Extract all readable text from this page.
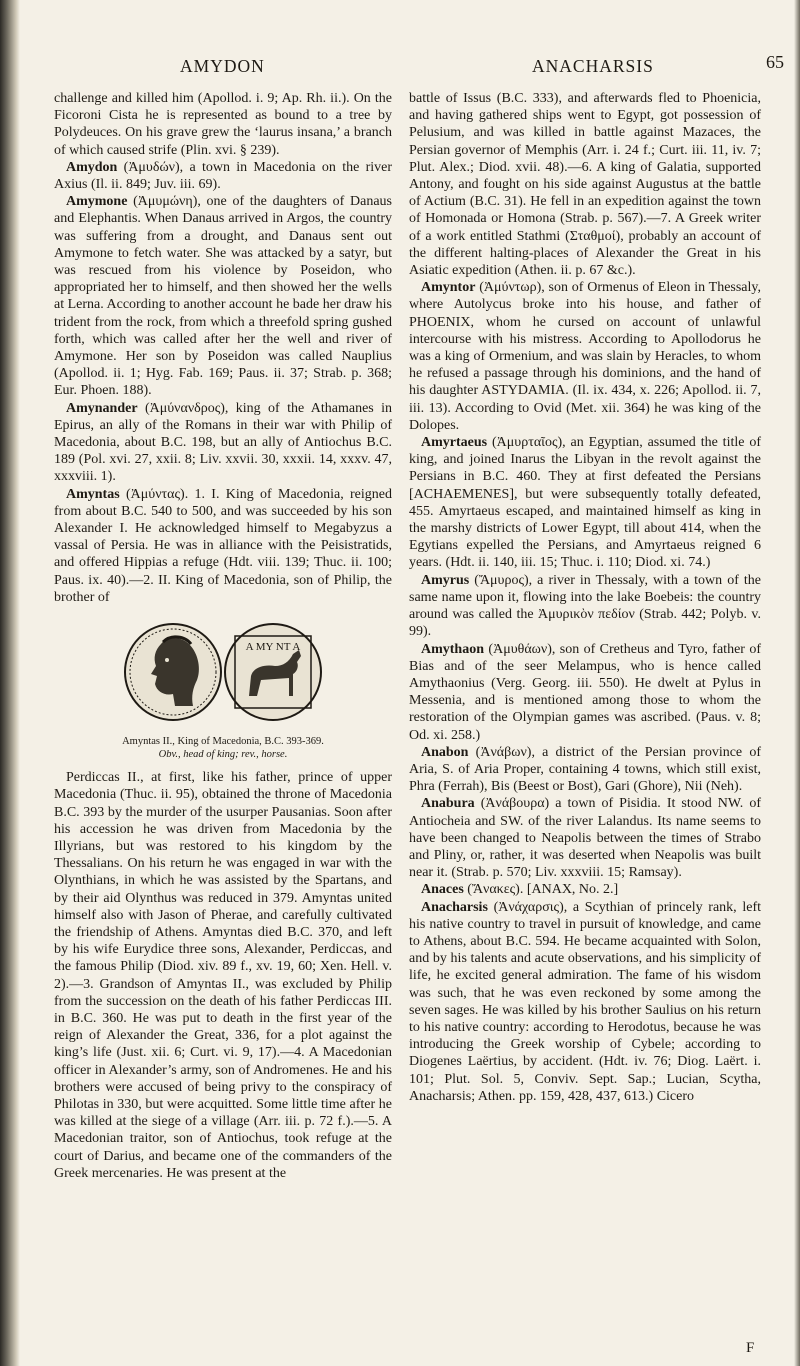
AMYDON	ANACHARSIS	65

challenge and killed him (Apollod. i. 9; Ap. Rh. ii.). On the Ficoroni Cista he is represented as bound to a tree by Polydeuces. On his grave grew the ‘laurus insana,’ a branch of which caused strife (Plin. xvi. § 239).

Amydon (Ἀμυδών), a town in Macedonia on the river Axius (Il. ii. 849; Juv. iii. 69).

Amymone (Ἀμυμώνη), one of the daughters of Danaus and Elephantis. When Danaus arrived in Argos, the country was suffering from a drought, and Danaus sent out Amymone to fetch water. She was attacked by a satyr, but was rescued from his violence by Poseidon, who appropriated her to himself, and then showed her the wells at Lerna. According to another account he bade her draw his trident from the rock, from which a threefold spring gushed forth, which was called after her the well and river of Amymone. Her son by Poseidon was called Nauplius (Apollod. ii. 1; Hyg. Fab. 169; Paus. ii. 37; Strab. p. 368; Eur. Phoen. 188).

Amynander (Ἀμύνανδρος), king of the Athamanes in Epirus, an ally of the Romans in their war with Philip of Macedonia, about B.C. 198, but an ally of Antiochus B.C. 189 (Pol. xvi. 27, xxii. 8; Liv. xxvii. 30, xxxii. 14, xxxv. 47, xxxviii. 1).

Amyntas (Ἀμύντας). 1. I. King of Macedonia, reigned from about B.C. 540 to 500, and was succeeded by his son Alexander I. He acknowledged himself to Megabyzus a vassal of Persia. He was in alliance with the Peisistratids, and offered Hippias a refuge (Hdt. viii. 139; Thuc. ii. 100; Paus. ix. 40).—2. II. King of Macedonia, son of Philip, the brother of

A MY NT A
Amyntas II., King of Macedonia, B.C. 393-369.
Obv., head of king; rev., horse.

Perdiccas II., at first, like his father, prince of upper Macedonia (Thuc. ii. 95), obtained the throne of Macedonia B.C. 393 by the murder of the usurper Pausanias. Soon after his accession he was driven from Macedonia by the Illyrians, but was restored to his kingdom by the Thessalians. On his return he was engaged in war with the Olynthians, in which he was assisted by the Spartans, and by their aid Olynthus was reduced in 379. Amyntas united himself also with Jason of Pherae, and carefully cultivated the friendship of Athens. Amyntas died B.C. 370, and left by his wife Eurydice three sons, Alexander, Perdiccas, and the famous Philip (Diod. xiv. 89 f., xv. 19, 60; Xen. Hell. v. 2).—3. Grandson of Amyntas II., was excluded by Philip from the succession on the death of his father Perdiccas III. in B.C. 360. He was put to death in the first year of the reign of Alexander the Great, 336, for a plot against the king’s life (Just. xii. 6; Curt. vi. 9, 17).—4. A Macedonian officer in Alexander’s army, son of Andromenes. He and his brothers were accused of being privy to the conspiracy of Philotas in 330, but were acquitted. Some little time after he was killed at the siege of a village (Arr. iii. p. 72 f.).—5. A Macedonian traitor, son of Antiochus, took refuge at the court of Darius, and became one of the commanders of the Greek mercenaries. He was present at the

battle of Issus (B.C. 333), and afterwards fled to Phoenicia, and having gathered ships went to Egypt, got possession of Pelusium, and was killed in battle against Mazaces, the Persian governor of Memphis (Arr. i. 24 f.; Curt. iii. 11, iv. 7; Plut. Alex.; Diod. xvii. 48).—6. A king of Galatia, supported Antony, and fought on his side against Augustus at the battle of Actium (B.C. 31). He fell in an expedition against the town of Homonada or Homona (Strab. p. 567).—7. A Greek writer of a work entitled Stathmi (Σταθμοί), probably an account of the different halting-places of Alexander the Great in his Asiatic expedition (Athen. ii. p. 67 &c.).

Amyntor (Ἀμύντωρ), son of Ormenus of Eleon in Thessaly, where Autolycus broke into his house, and father of PHOENIX, whom he cursed on account of unlawful intercourse with his mistress. According to Apollodorus he was a king of Ormenium, and was slain by Heracles, to whom he refused a passage through his dominions, and the hand of his daughter ASTYDAMIA. (Il. ix. 434, x. 226; Apollod. ii. 7, iii. 13). According to Ovid (Met. xii. 364) he was king of the Dolopes.

Amyrtaeus (Ἀμυρταῖος), an Egyptian, assumed the title of king, and joined Inarus the Libyan in the revolt against the Persians in B.C. 460. They at first defeated the Persians [ACHAEMENES], but were subsequently totally defeated, 455. Amyrtaeus escaped, and maintained himself as king in the marshy districts of Lower Egypt, till about 414, when the Egytians expelled the Persians, and Amyrtaeus reigned 6 years. (Hdt. ii. 140, iii. 15; Thuc. i. 110; Diod. xi. 74.)

Amyrus (Ἄμυρος), a river in Thessaly, with a town of the same name upon it, flowing into the lake Boebeis: the country around was called the Ἀμυρικὸν πεδίον (Strab. 442; Polyb. v. 99).

Amythaon (Ἀμυθάων), son of Cretheus and Tyro, father of Bias and of the seer Melampus, who is hence called Amythaonius (Verg. Georg. iii. 550). He dwelt at Pylus in Messenia, and is mentioned among those to whom the restoration of the Olympian games was ascribed. (Paus. v. 8; Od. xi. 258.)

Anabon (Ἀνάβων), a district of the Persian province of Aria, S. of Aria Proper, containing 4 towns, which still exist, Phra (Ferrah), Bis (Beest or Bost), Gari (Ghore), Nii (Neh).

Anabura (Ἀνάβουρα) a town of Pisidia. It stood NW. of Antiocheia and SW. of the river Lalandus. Its name seems to have been changed to Neapolis between the times of Strabo and Pliny, or, rather, it was deserted when Neapolis was built near it. (Strab. p. 570; Liv. xxxviii. 15; Ramsay).

Anaces (Ἄνακες). [ANAX, No. 2.]

Anacharsis (Ἀνάχαρσις), a Scythian of princely rank, left his native country to travel in pursuit of knowledge, and came to Athens, about B.C. 594. He became acquainted with Solon, and by his talents and acute observations, and his simplicity of life, he excited general admiration. The fame of his wisdom was such, that he was even reckoned by some among the seven sages. He was killed by his brother Saulius on his return to his native country: according to Herodotus, because he was introducing the Greek worship of Cybele; according to Diogenes Laërtius, by accident. (Hdt. iv. 76; Diog. Laërt. i. 101; Plut. Sol. 5, Conviv. Sept. Sap.; Lucian, Scytha, Anacharsis; Athen. pp. 159, 428, 437, 613.) Cicero

F
